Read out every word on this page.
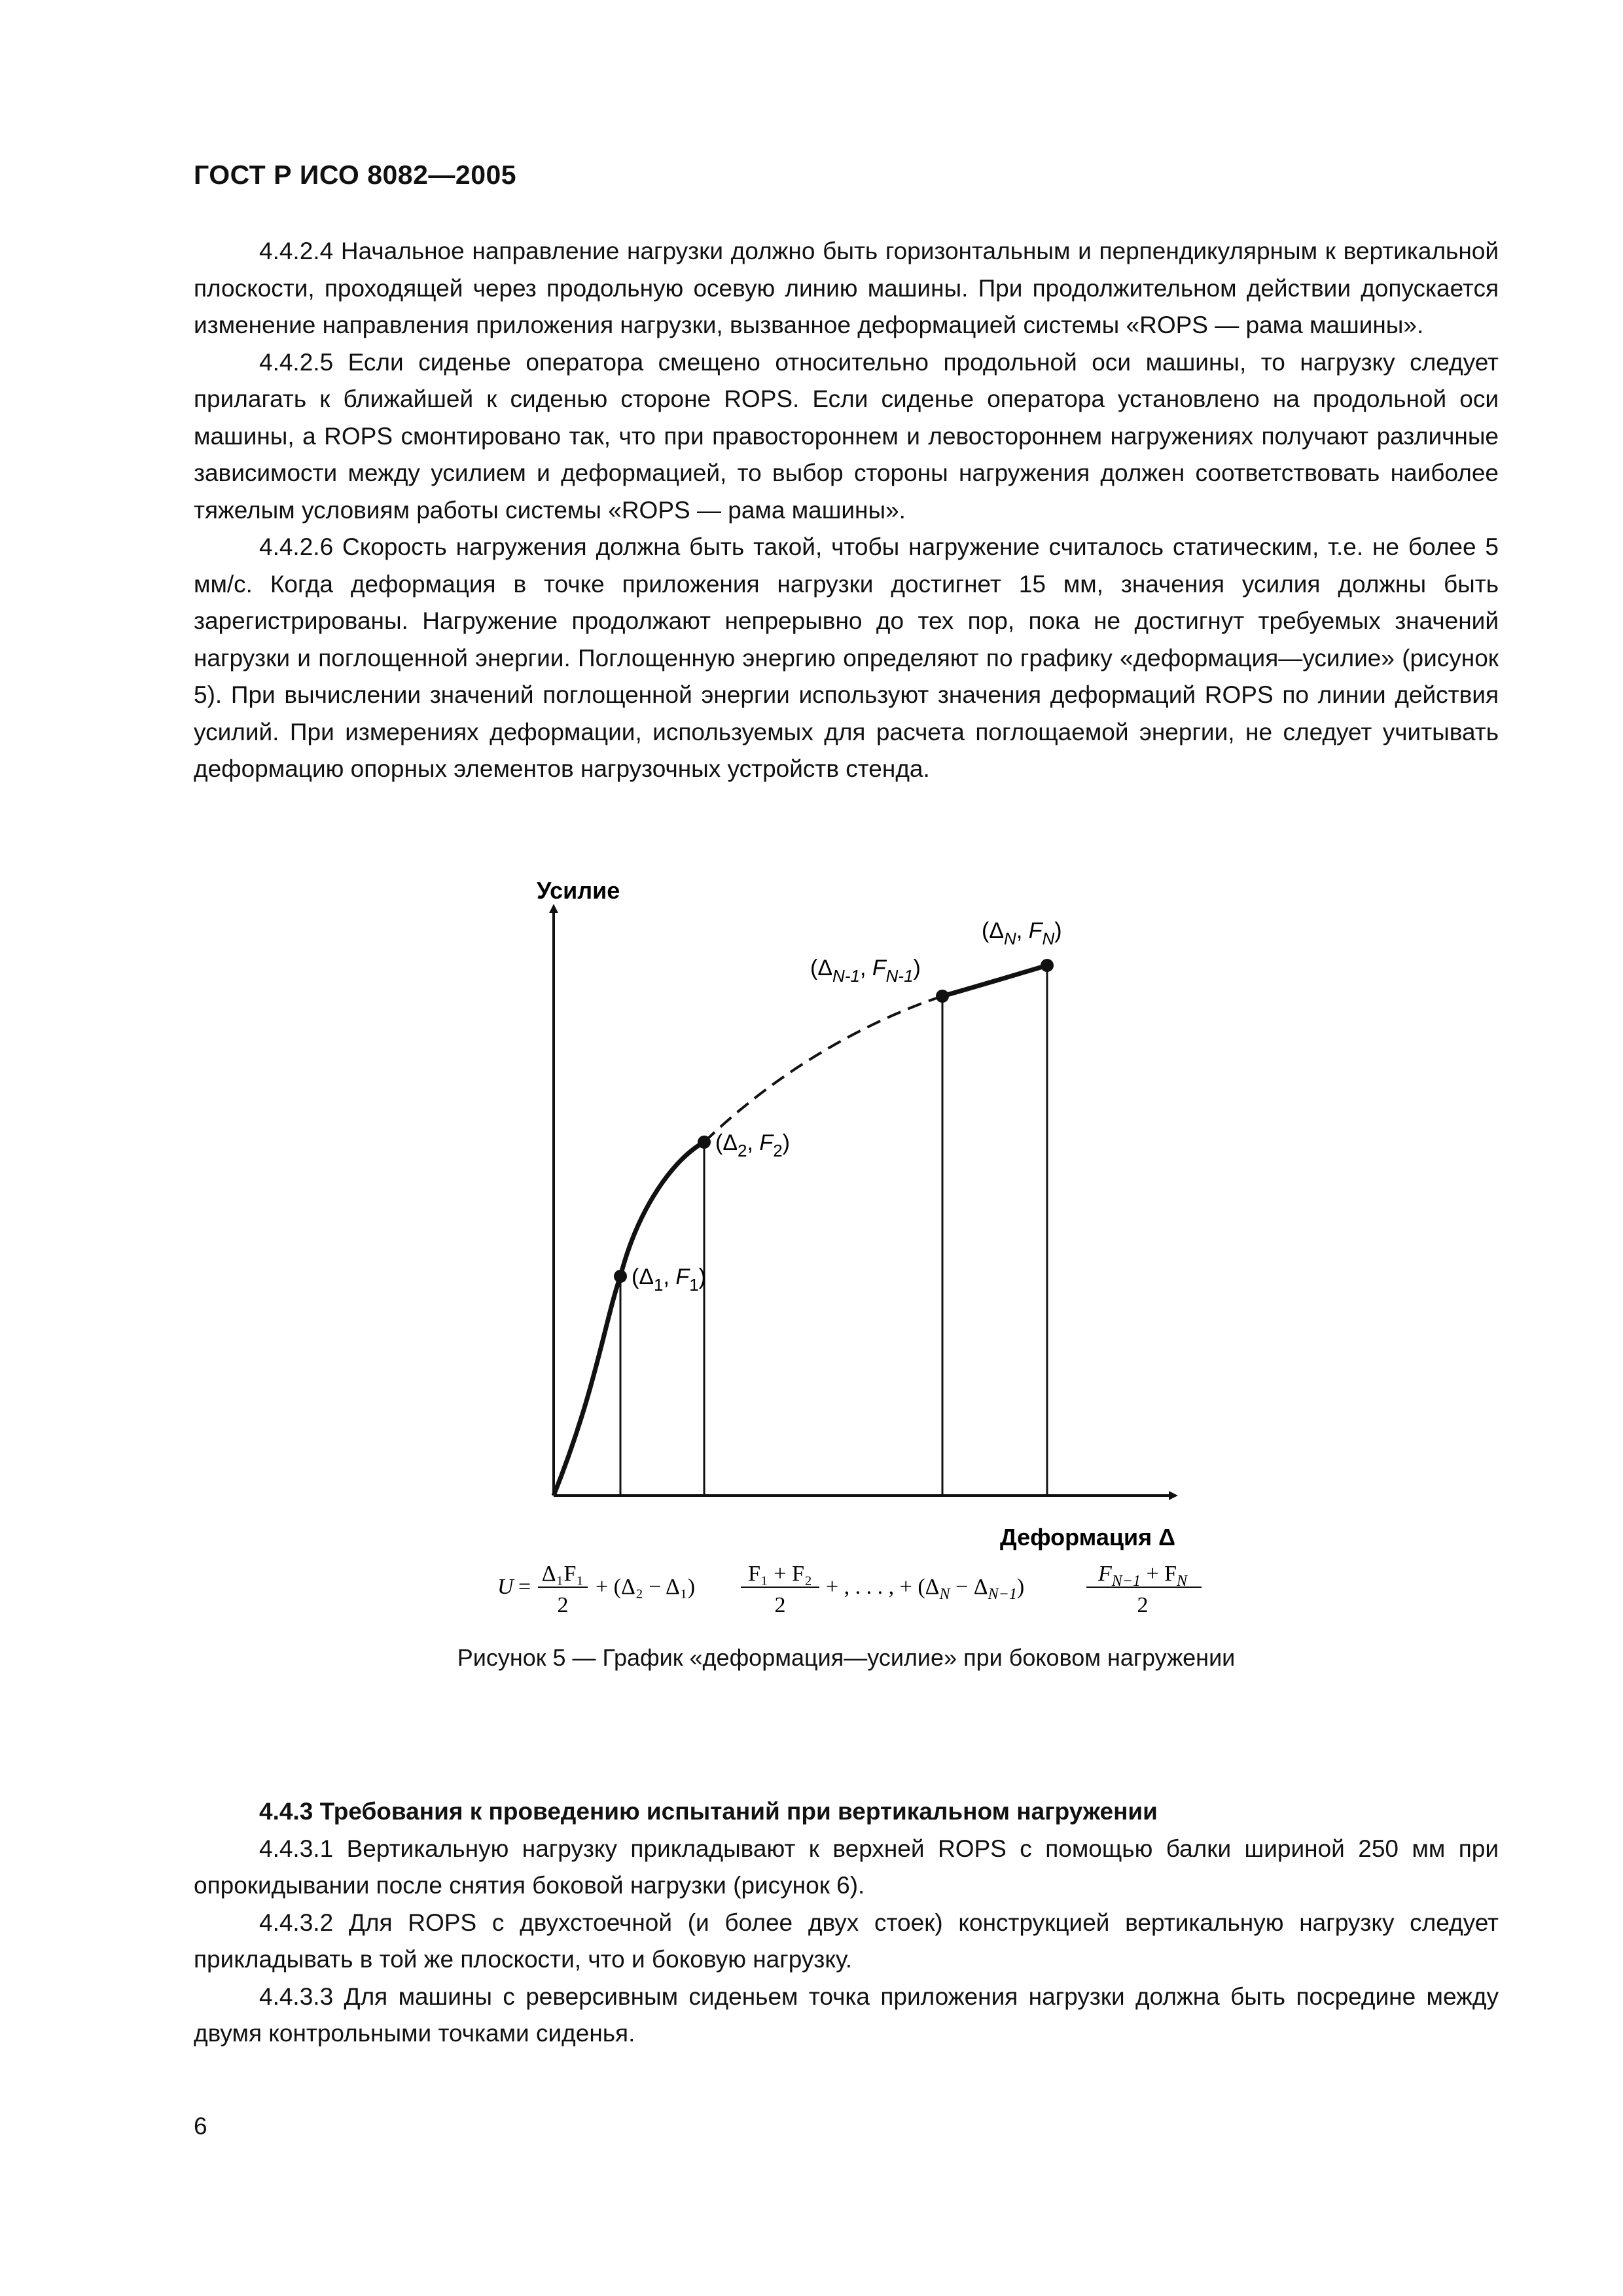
ГОСТ Р ИСО 8082—2005

4.4.2.4 Начальное направление нагрузки должно быть горизонтальным и перпендикулярным к вертикальной плоскости, проходящей через продольную осевую линию машины. При продолжительном действии допускается изменение направления приложения нагрузки, вызванное деформацией системы «ROPS — рама машины».

4.4.2.5 Если сиденье оператора смещено относительно продольной оси машины, то нагрузку следует прилагать к ближайшей к сиденью стороне ROPS. Если сиденье оператора установлено на продольной оси машины, а ROPS смонтировано так, что при правостороннем и левостороннем нагружениях получают различные зависимости между усилием и деформацией, то выбор стороны нагружения должен соответствовать наиболее тяжелым условиям работы системы «ROPS — рама машины».

4.4.2.6 Скорость нагружения должна быть такой, чтобы нагружение считалось статическим, т.е. не более 5 мм/с. Когда деформация в точке приложения нагрузки достигнет 15 мм, значения усилия должны быть зарегистрированы. Нагружение продолжают непрерывно до тех пор, пока не достигнут требуемых значений нагрузки и поглощенной энергии. Поглощенную энергию определяют по графику «деформация—усилие» (рисунок 5). При вычислении значений поглощенной энергии используют значения деформаций ROPS по линии действия усилий. При измерениях деформации, используемых для расчета поглощаемой энергии, не следует учитывать деформацию опорных элементов нагрузочных устройств стенда.

Усилие
Деформация Δ
($\Delta_1$, $F_1$)
($\Delta_2$, $F_2$)
($\Delta_{N-1}$, $F_{N-1}$)
($\Delta_N$, $F_N$)
U =
Δ₁F₁
2
+ (Δ₂ − Δ₁)
F₁ + F₂
2
+ , . . . , + $(\Delta_N - \Delta_{N-1})$
$F_{N-1} + F_N$
2
Рисунок 5 — График «деформация—усилие» при боковом нагружении
4.4.3 Требования к проведению испытаний при вертикальном нагружении

4.4.3.1 Вертикальную нагрузку прикладывают к верхней ROPS с помощью балки шириной 250 мм при опрокидывании после снятия боковой нагрузки (рисунок 6).

4.4.3.2 Для ROPS с двухстоечной (и более двух стоек) конструкцией вертикальную нагрузку следует прикладывать в той же плоскости, что и боковую нагрузку.

4.4.3.3 Для машины с реверсивным сиденьем точка приложения нагрузки должна быть посредине между двумя контрольными точками сиденья.

6
